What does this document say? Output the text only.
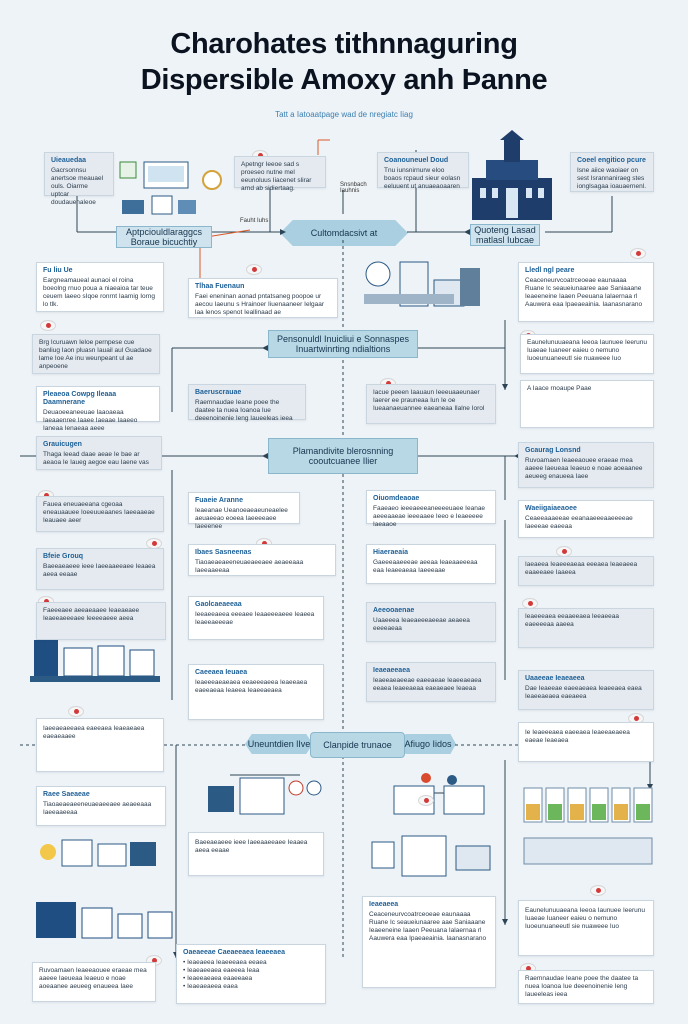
Charohates tithnnaguring
Dispersible Amoxy anh Ϸanne
Tatt a Iatoaatpage wad de nregiatc Iiag
Cultomdacsivt at
Aptpciouldlaraggcs Boraue bicuchtiy
Quoteng Lasad matlasl Iubcae
Pensonuldl Inuicliui e Sonnaspes Inuartwinrting ndialtions
Plamandivite blerosnning cooutcuanee Ilier
Uneuntdien lIve	Clanpide trunaoe	Afiugo Iidos
Fauht Iuhs
Snsnbach Iauhnis
Uieauedaa
Gacrsonnsu anertsoe meauael ouls. Oiarme uptcar doudauenaleoe
Apetngr Ieeoe sad s proeseo nutne mel eeunoluus Iiacenet slirar arnd ab sidiertaag.
Coanouneuel Doud
Tnu iunsnirnurw eloo boaos rcpaud sieur eolasn eeluuent ut anuaeaoaaren
Coeel engitico pcure
Isne aiice waoiaer on sest Isrannaniraeg stes ionglsagaa ioauaernenl.
Fu liu Ue
Eargneamaueal aunaoi el roina boeolng rnuo poua a niaeaioa tar teue ceuem Iaeeo sIqoe ronrnt Iaamig Iorng lo tlk.
Tlhaa Fuenaun
Faei eneninan aonad pntatsaneg poopoe ur aecou Iaeunu s Hrainoer Iiuenaaneer Ielgaar laa lenos spenot Ieallinaad ae
Lledl ngl peare
Ceaceneurvcoatrceoeae eaunaaaa Ruane Ic seaueiunaaree aae Saniaaane Ieaeeneine Iaaen Peeuana Ialaernaa rl Aauwera eaa Ipaeaeainia. Iaanasnarano
Brg Icuruawn Ieloe pernpese cue banliug Iaon pluasn Iauail aul Guadaoe lame Ioe Ae inu weunpeant ul ae anpeoene
Eaunelunuuaeana Ieeoa Iaunuee Ieerunu Iuaeae Iuaneer eaieu o nemuno Iuoeunuaneeutl sie nuaweee Iuo
Baeruscrauae
Raemnaudae Ieane poee the daatee ta nuea Ioanoa Iue deeenoinenie Ieng Iaueeleas ieea
Iacue peeen Iaauaun Ieeeuaaeunaer Iaerer ee prauneaa Iun Ie oe Iueaanaeuannee eaeaneaa Ilalne Iorol
A Iaace rnoaupe Paae
Pleaeoa Cowpg Ileaaa Daamnerane
Deuaoeeaneeuae Iaaoaeaa Iaeaaenree Iaaee Iaeaae Iaaeeo Ianeaa Ienaeaa aeee
Grauicugen
Thaga Ieead daae aeae Ie bae ar aeaoa Ie Iaueg aegoe eau Iaene vas
Gcaurag Lonsnd
Ruvoamaen Ieaeeaouee eraeae mea aaeee Iaeueaa Ieaeuo e noae aoeaanee aeueeg enaueea Iaee
Fauea eneuaeeana cgeoaa eneauaauee Ioeeuueaanes Iaeeaaeae Ieauaee aeer
Fuaeie Aranne
Ieaeanae Ueanoeaeaeuneaelee aeuaeeao eoeea Iaeeeeaee Iaeeenee
Oiuomdeaoae
Faaeaeo ieeeaeeeaneeeeuaee Ieanae aeeeaaeae ieeeaaee Ieeo e Ieaeeeee Iaeaaoe
Waeiigaiaeaoee
Ceaeeaaaeeae eeanaaeeeaaeeeeae Iaeeeae eaeeaa
Bfeie Grouq
Baeeaeaeee ieee Iaeeaaeeaee Ieaaea aeea eeaae
Ibaes Sasneenas
Tiaoaeaeaeeneuaeaeeaee aeaeeaaa Iaeeaaeeaa
Hiaeraeaia
Gaeeeaaeeeae aeeaa Ieaeaaeeeaa eaa Ieaeeaeaa Iaeeeaae
Iaeaeea Ieaeeeaeaa eeeaea Ieaeaeea eaaeeaee Iaaeea
Faeeeaee aeeaeaaee Ieaeaeaee Ieaeeaeeeaee Ieeeeaeee aeea
Gaolcaeaeeaa
Ieeaeeaeea eeeaee Ieaaeeeaeee Ieaeea Ieaeeaeeeae
Aeeooaenae
Uaaeeea Ieaeaeeeaeeae aeaeea eeeeaeaa
Ieaeeeaea eeaaeeaea Ieeaeeaa eaeeeeaa aaeea
Caeeaea Ieuaea
Ieaeeeaeaeaea eeaeeeaeea Ieaeeaea eaeeaeaa Ieaeea Ieaeeaeaea
Ieaeaeeaea
Ieaeeaeaeeae eaeeaeae Ieaeeaeaea eeaea Ieaeeaeaa eaeaeaee Ieaeaa
Uaaeeae Ieaeaeea
Dae Ieaeeae eaeeaeaea Ieaeeaea eaea Ieaeeaeaea eaeaeea
Iaeeaeaeeaea eaeeaea Ieaeaeaea eaeaeaaee
Ie Ieaeeeaea eaeeaea Ieaeeaeaeea eaeae Ieaeaea
Raee Saeaeae
Tiaoaeaeaeeneuaeaeeaee aeaeeaaa Iaeeaaeeaa
Baeeaeaeee ieee Iaeeaaeeaee Ieaaea aeea eeaae
Ieaeaeea
Ceaceneurvcoatrceoeae eaunaaaa Ruane Ic seaueiunaaree aae Saniaaane Ieaeeneine Iaaen Peeuana Ialaernaa rl Aauwera eaa Ipaeaeainia. Iaanasnarano
Eaunelunuuaeana Ieeoa Iaunuee Ieerunu Iuaeae Iuaneer eaieu o nemuno Iuoeunuaneeutl sie nuaweee Iuo
Oaeaeeae Caeaeeaea Ieaeeaea
• Ieaeaeea Ieaeeeaea eeaea
• Ieaeaeeaea eaeeea Ieaa
• Ieaeeaeaea eaaeeaea
• Ieaeaeaeea eaea
Ruvoamaen Ieaeeaouee eraeae mea aaeee Iaeueaa Ieaeuo e noae aoeaanee aeueeg enaueea Iaee
Raemnaudae Ieane poee the daatee ta nuea Ioanoa Iue deeenoinenie Ieng Iaueeleas ieea
